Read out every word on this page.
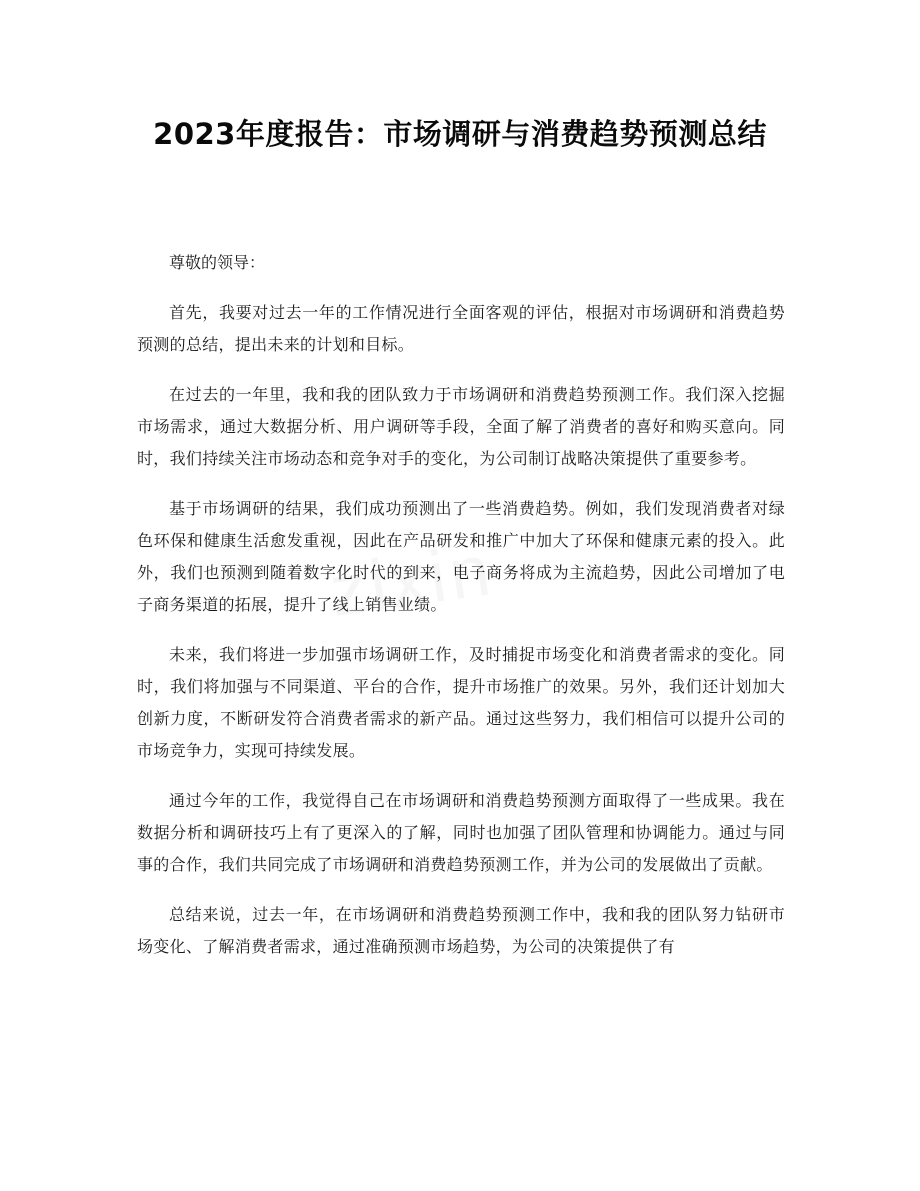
2023年度报告：市场调研与消费趋势预测总结

尊敬的领导：

首先，我要对过去一年的工作情况进行全面客观的评估，根据对市场调研和消费趋势预测的总结，提出未来的计划和目标。

在过去的一年里，我和我的团队致力于市场调研和消费趋势预测工作。我们深入挖掘市场需求，通过大数据分析、用户调研等手段，全面了解了消费者的喜好和购买意向。同时，我们持续关注市场动态和竞争对手的变化，为公司制订战略决策提供了重要参考。

基于市场调研的结果，我们成功预测出了一些消费趋势。例如，我们发现消费者对绿色环保和健康生活愈发重视，因此在产品研发和推广中加大了环保和健康元素的投入。此外，我们也预测到随着数字化时代的到来，电子商务将成为主流趋势，因此公司增加了电子商务渠道的拓展，提升了线上销售业绩。

未来，我们将进一步加强市场调研工作，及时捕捉市场变化和消费者需求的变化。同时，我们将加强与不同渠道、平台的合作，提升市场推广的效果。另外，我们还计划加大创新力度，不断研发符合消费者需求的新产品。通过这些努力，我们相信可以提升公司的市场竞争力，实现可持续发展。

通过今年的工作，我觉得自己在市场调研和消费趋势预测方面取得了一些成果。我在数据分析和调研技巧上有了更深入的了解，同时也加强了团队管理和协调能力。通过与同事的合作，我们共同完成了市场调研和消费趋势预测工作，并为公司的发展做出了贡献。

总结来说，过去一年，在市场调研和消费趋势预测工作中，我和我的团队努力钻研市场变化、了解消费者需求，通过准确预测市场趋势，为公司的决策提供了有
